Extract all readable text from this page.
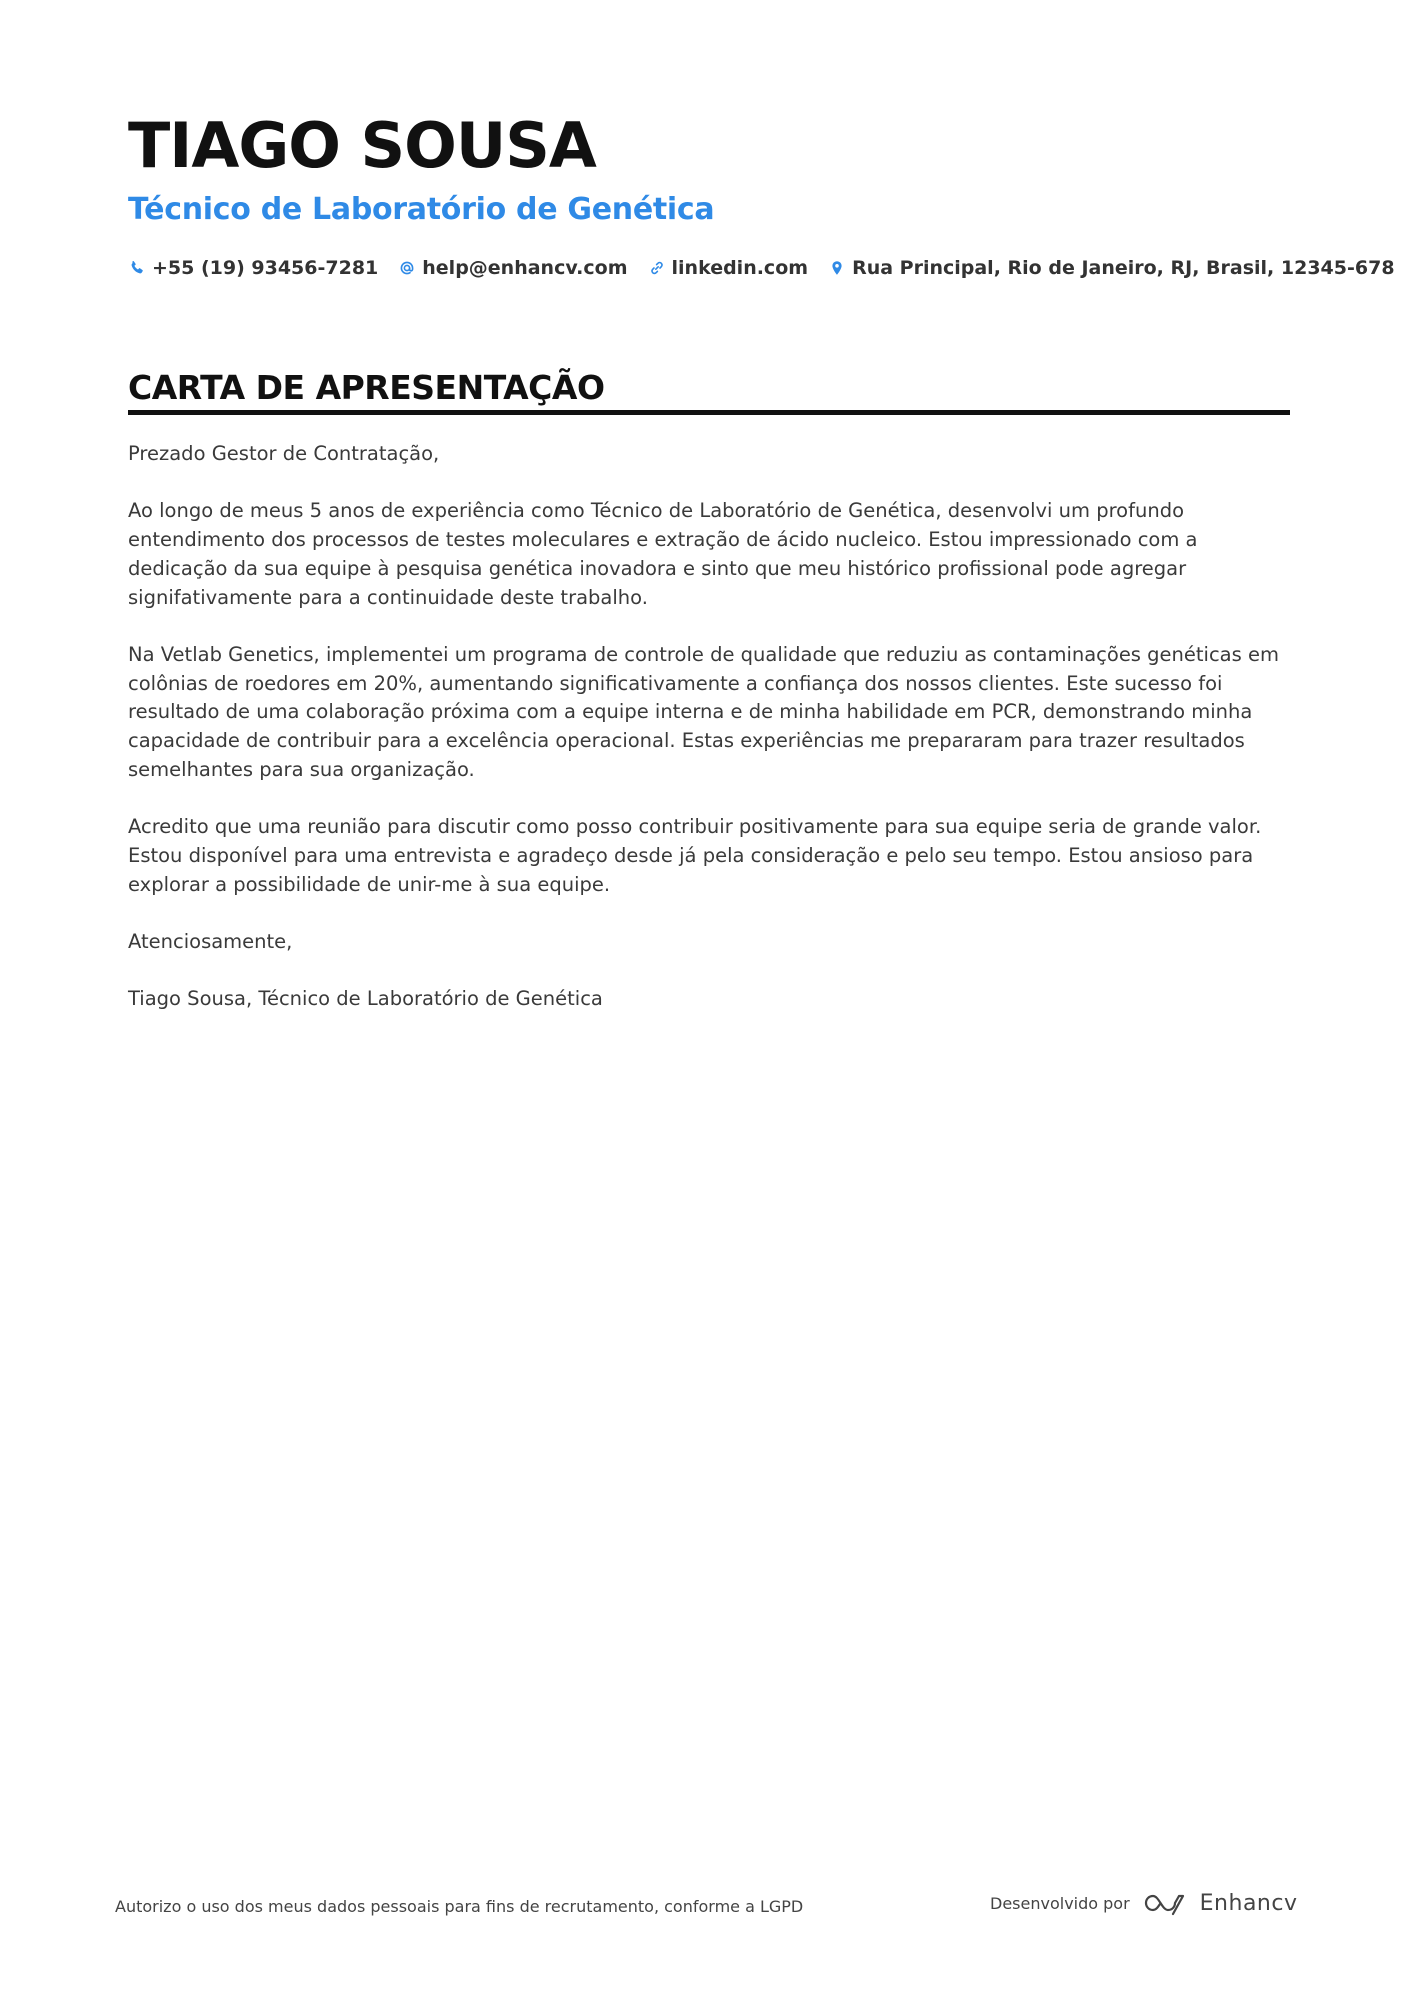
TIAGO SOUSA
Técnico de Laboratório de Genética
+55 (19) 93456-7281 help@enhancv.com linkedin.com Rua Principal, Rio de Janeiro, RJ, Brasil, 12345-678
CARTA DE APRESENTAÇÃO

Prezado Gestor de Contratação,

Ao longo de meus 5 anos de experiência como Técnico de Laboratório de Genética, desenvolvi um profundo entendimento dos processos de testes moleculares e extração de ácido nucleico. Estou impressionado com a dedicação da sua equipe à pesquisa genética inovadora e sinto que meu histórico profissional pode agregar signifativamente para a continuidade deste trabalho.

Na Vetlab Genetics, implementei um programa de controle de qualidade que reduziu as contaminações genéticas em colônias de roedores em 20%, aumentando significativamente a confiança dos nossos clientes. Este sucesso foi resultado de uma colaboração próxima com a equipe interna e de minha habilidade em PCR, demonstrando minha capacidade de contribuir para a excelência operacional. Estas experiências me prepararam para trazer resultados semelhantes para sua organização.

Acredito que uma reunião para discutir como posso contribuir positivamente para sua equipe seria de grande valor. Estou disponível para uma entrevista e agradeço desde já pela consideração e pelo seu tempo. Estou ansioso para explorar a possibilidade de unir-me à sua equipe.

Atenciosamente,

Tiago Sousa, Técnico de Laboratório de Genética

Autorizo o uso dos meus dados pessoais para fins de recrutamento, conforme a LGPD	Desenvolvido por	Enhancv
